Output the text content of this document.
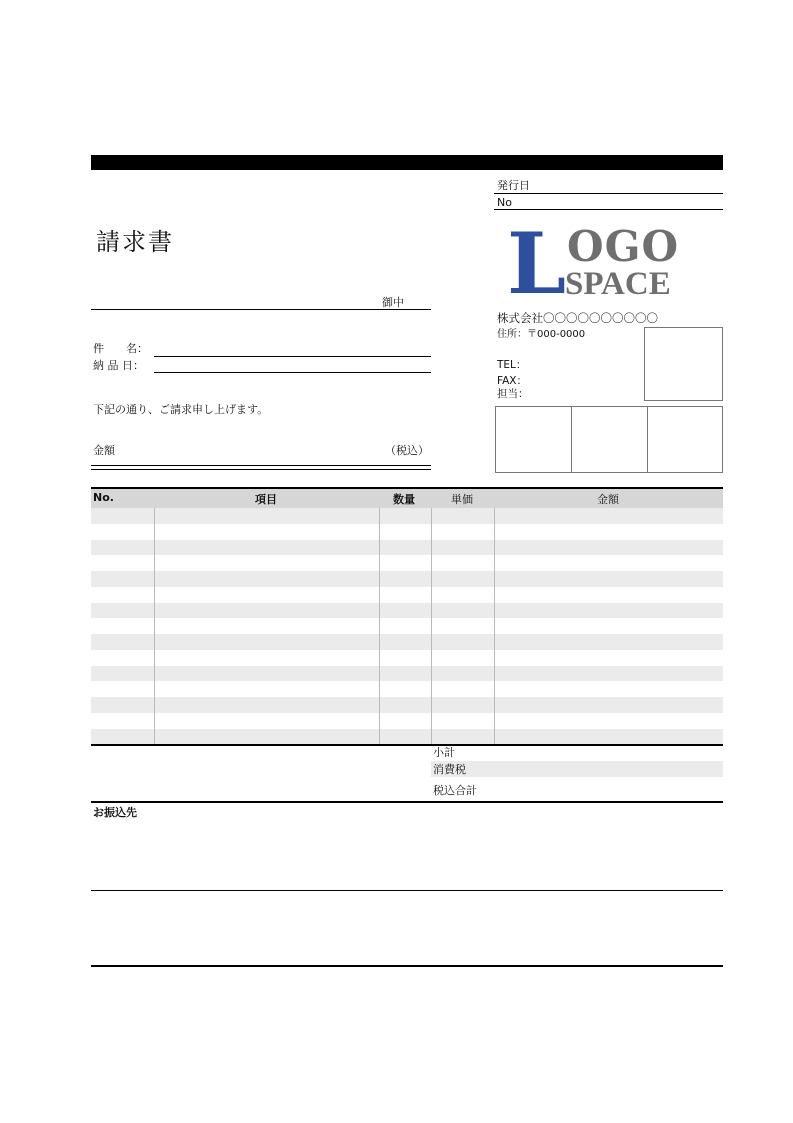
発行日
No
請求書	L OGO
SPACE
御中
株式会社〇〇〇〇〇〇〇〇〇〇
住所：〒000-0000
TEL：
FAX：
担当：
件　　名：
納 品 日：
下記の通り、ご請求申し上げます。
金額	（税込）
No.	項目	数量	単価	金額
小計
消費税
税込合計
お振込先
